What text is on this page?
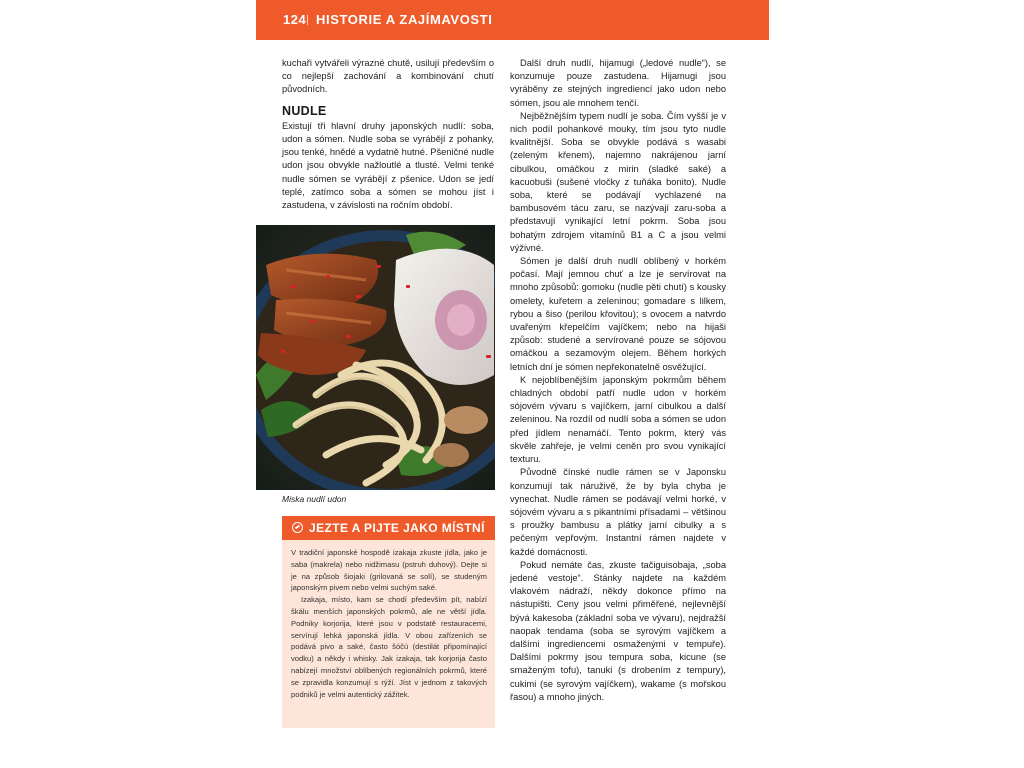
124 HISTORIE A ZAJÍMAVOSTI

kuchaři vytvářeli výrazné chutě, usilují především o co nejlepší zachování a kombinování chutí původních.

NUDLE

Existují tři hlavní druhy japonských nudlí: soba, udon a sómen. Nudle soba se vyrábějí z pohanky, jsou tenké, hnědé a vydatně hutné. Pšeničné nudle udon jsou obvykle nažloutlé a tlusté. Velmi tenké nudle sómen se vyrábějí z pšenice. Udon se jedí teplé, zatímco soba a sómen se mohou jíst i zastudena, v závislosti na ročním období.

Miska nudlí udon
JEZTE A PIJTE JAKO MÍSTNÍ

V tradiční japonské hospodě izakaja zkuste jídla, jako je saba (makrela) nebo nidžimasu (pstruh duhový). Dejte si je na způsob šiojaki (grilovaná se solí), se studeným japonským pivem nebo velmi suchým saké.

Izakaja, místo, kam se chodí především pít, nabízí škálu menších japonských pokrmů, ale ne větší jídla. Podniky korjorija, které jsou v podstatě restauracemi, servírují lehká japonská jídla. V obou zařízeních se podává pivo a saké, často šóčú (destilát připomínající vodku) a někdy i whisky. Jak izakaja, tak korjorija často nabízejí množství oblíbených regionálních pokrmů, které se zpravidla konzumují s rýží. Jíst v jednom z takových podniků je velmi autentický zážitek.

Další druh nudlí, hijamugi („ledové nudle“), se konzumuje pouze zastudena. Hijamugi jsou vyráběny ze stejných ingrediencí jako udon nebo sómen, jsou ale mnohem tenčí.

Nejběžnějším typem nudlí je soba. Čím vyšší je v nich podíl pohankové mouky, tím jsou tyto nudle kvalitnější. Soba se obvykle podává s wasabi (zeleným křenem), najemno nakrájenou jarní cibulkou, omáčkou z mirin (sladké saké) a kacuobuši (sušené vločky z tuňáka bonito). Nudle soba, které se podávají vychlazené na bambusovém tácu zaru, se nazývají zaru-soba a představují vynikající letní pokrm. Soba jsou bohatým zdrojem vitamínů B1 a C a jsou velmi výživné.

Sómen je další druh nudlí oblíbený v horkém počasí. Mají jemnou chuť a lze je servírovat na mnoho způsobů: gomoku (nudle pěti chutí) s kousky omelety, kuřetem a zeleninou; gomadare s lilkem, rybou a šiso (perilou křovitou); s ovocem a natvrdo uvařeným křepelčím vajíčkem; nebo na hijaši způsob: studené a servírované pouze se sójovou omáčkou a sezamovým olejem. Během horkých letních dní je sómen nepřekonatelně osvěžující.

K nejoblíbenějším japonským pokrmům během chladných období patří nudle udon v horkém sójovém vývaru s vajíčkem, jarní cibulkou a další zeleninou. Na rozdíl od nudlí soba a sómen se udon před jídlem nenamáčí. Tento pokrm, který vás skvěle zahřeje, je velmi ceněn pro svou vynikající texturu.

Původně čínské nudle rámen se v Japonsku konzumují tak náruživě, že by byla chyba je vynechat. Nudle rámen se podávají velmi horké, v sójovém vývaru a s pikantními přísadami – většinou s proužky bambusu a plátky jarní cibulky a s pečeným vepřovým. Instantní rámen najdete v každé domácnosti.

Pokud nemáte čas, zkuste tačiguisobaja, „soba jedené vestoje“. Stánky najdete na každém vlakovém nádraží, někdy dokonce přímo na nástupišti. Ceny jsou velmi přiměřené, nejlevnější bývá kakesoba (základní soba ve vývaru), nejdražší naopak tendama (soba se syrovým vajíčkem a dalšími ingrediencemi osmaženými v tempuře). Dalšími pokrmy jsou tempura soba, kicune (se smaženým tofu), tanuki (s drobením z tempury), cukimi (se syrovým vajíčkem), wakame (s mořskou řasou) a mnoho jiných.
